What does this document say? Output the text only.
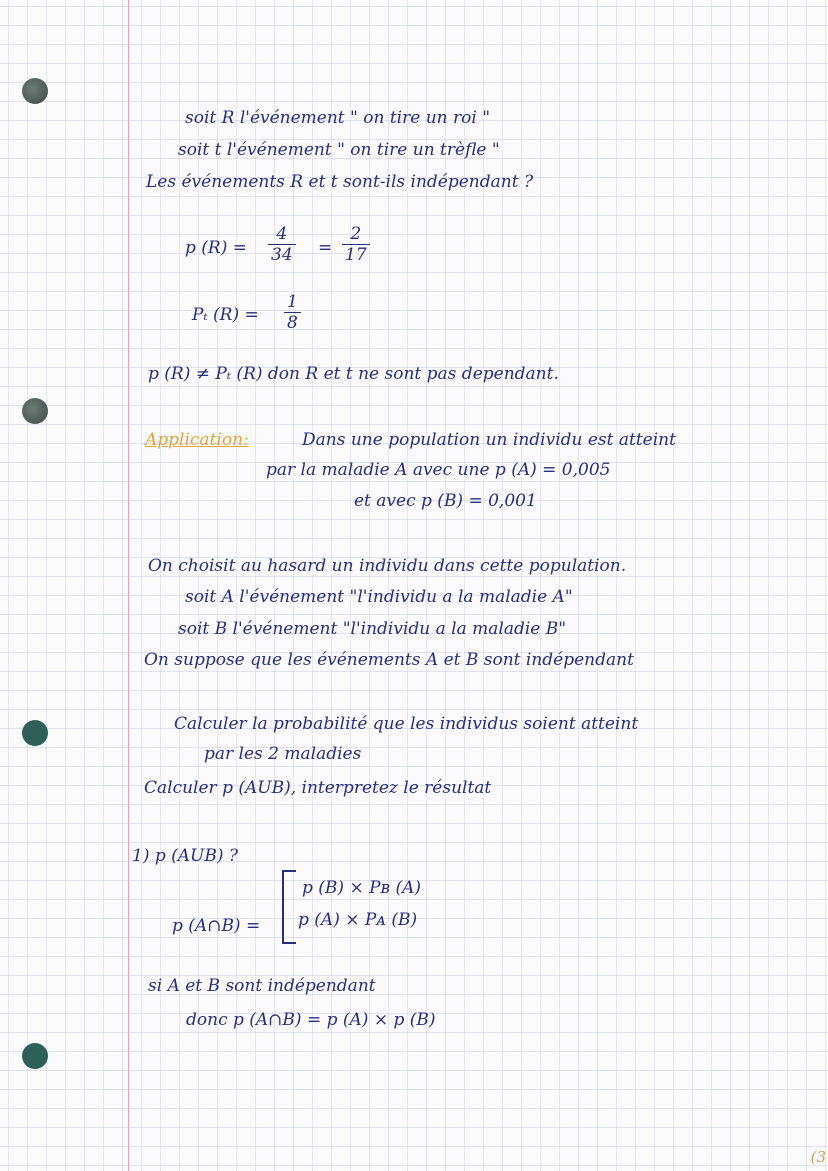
soit R l'événement " on tire un roi "
soit t l'événement " on tire un trèfle "
Les événements R et t sont-ils indépendant ?
p (R) =
4
34 =
2
17
Pₜ (R) =
1
8
p (R) ≠ Pₜ (R) don R et t ne sont pas dependant.
Application:	Dans une population un individu est atteint
par la maladie A avec une p (A) = 0,005
et avec p (B) = 0,001
On choisit au hasard un individu dans cette population.
soit A l'événement "l'individu a la maladie A"
soit B l'événement "l'individu a la maladie B"
On suppose que les événements A et B sont indépendant
Calculer la probabilité que les individus soient atteint
par les 2 maladies
Calculer p (AUB), interpretez le résultat
1) p (AUB) ?
p (A∩B) =
p (B) × Pʙ (A)
p (A) × Pᴀ (B)
si A et B sont indépendant
donc p (A∩B) = p (A) × p (B)
(3
